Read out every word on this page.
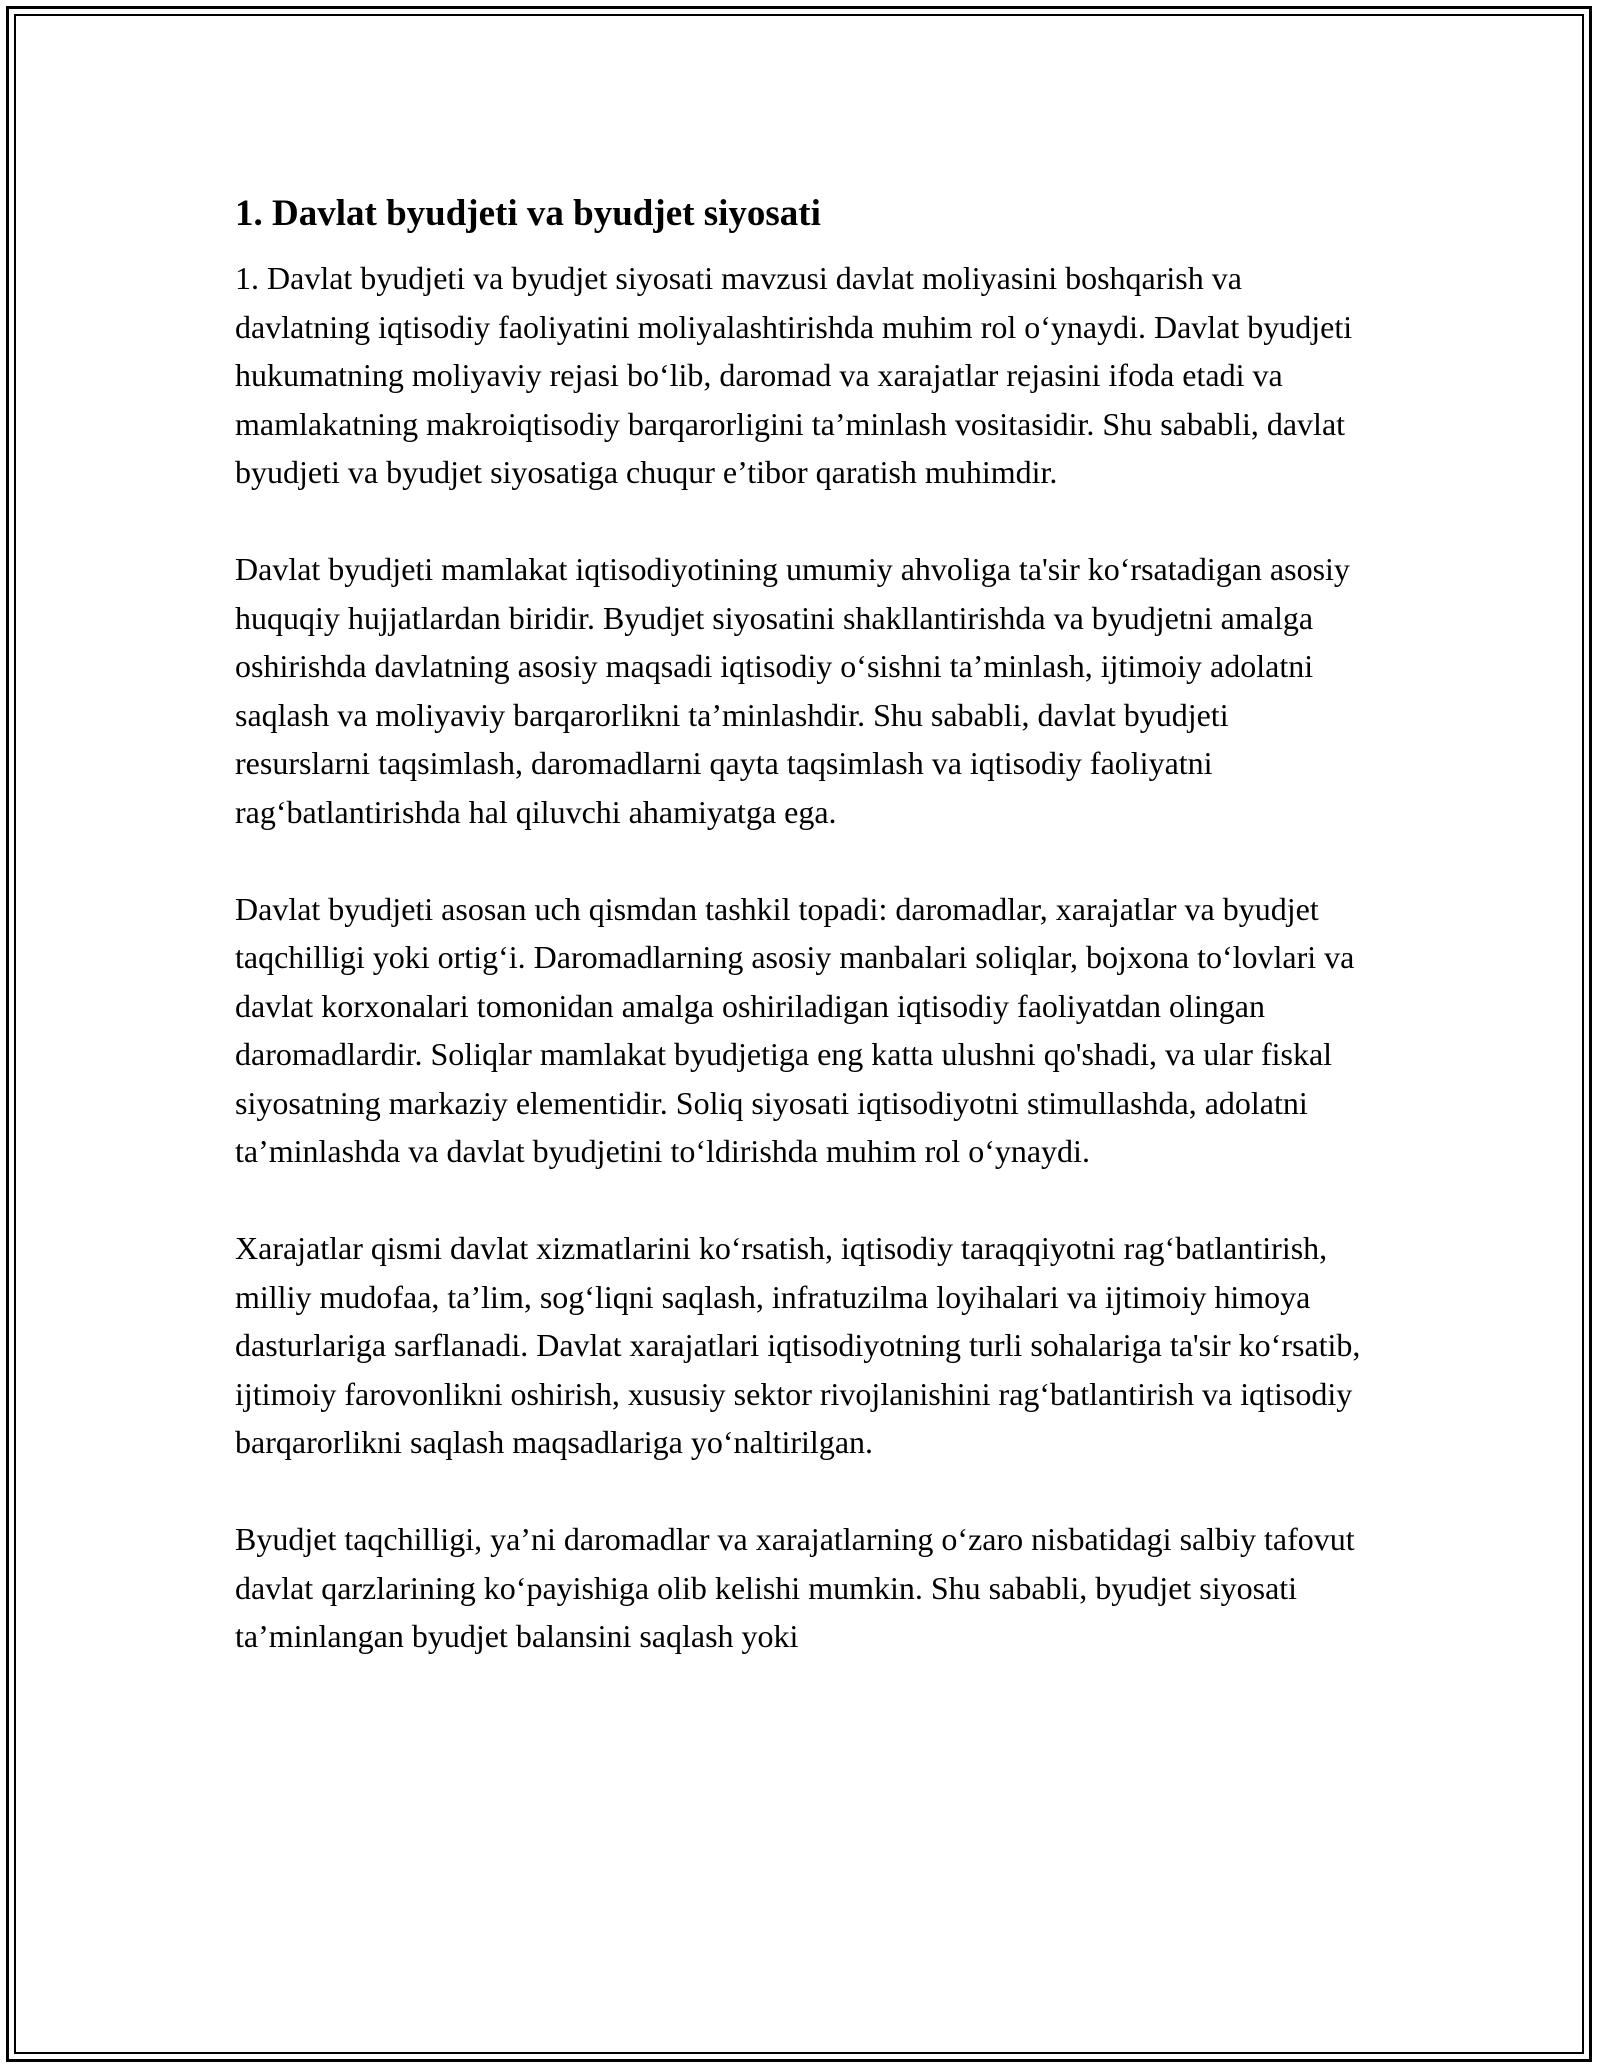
1. Davlat byudjeti va byudjet siyosati

1. Davlat byudjeti va byudjet siyosati mavzusi davlat moliyasini boshqarish va davlatning iqtisodiy faoliyatini moliyalashtirishda muhim rol o‘ynaydi. Davlat byudjeti hukumatning moliyaviy rejasi bo‘lib, daromad va xarajatlar rejasini ifoda etadi va mamlakatning makroiqtisodiy barqarorligini ta’minlash vositasidir. Shu sababli, davlat byudjeti va byudjet siyosatiga chuqur e’tibor qaratish muhimdir.

Davlat byudjeti mamlakat iqtisodiyotining umumiy ahvoliga ta'sir ko‘rsatadigan asosiy huquqiy hujjatlardan biridir. Byudjet siyosatini shakllantirishda va byudjetni amalga oshirishda davlatning asosiy maqsadi iqtisodiy o‘sishni ta’minlash, ijtimoiy adolatni saqlash va moliyaviy barqarorlikni ta’minlashdir. Shu sababli, davlat byudjeti resurslarni taqsimlash, daromadlarni qayta taqsimlash va iqtisodiy faoliyatni rag‘batlantirishda hal qiluvchi ahamiyatga ega.

Davlat byudjeti asosan uch qismdan tashkil topadi: daromadlar, xarajatlar va byudjet taqchilligi yoki ortig‘i. Daromadlarning asosiy manbalari soliqlar, bojxona to‘lovlari va davlat korxonalari tomonidan amalga oshiriladigan iqtisodiy faoliyatdan olingan daromadlardir. Soliqlar mamlakat byudjetiga eng katta ulushni qo'shadi, va ular fiskal siyosatning markaziy elementidir. Soliq siyosati iqtisodiyotni stimullashda, adolatni ta’minlashda va davlat byudjetini to‘ldirishda muhim rol o‘ynaydi.

Xarajatlar qismi davlat xizmatlarini ko‘rsatish, iqtisodiy taraqqiyotni rag‘batlantirish, milliy mudofaa, ta’lim, sog‘liqni saqlash, infratuzilma loyihalari va ijtimoiy himoya dasturlariga sarflanadi. Davlat xarajatlari iqtisodiyotning turli sohalariga ta'sir ko‘rsatib, ijtimoiy farovonlikni oshirish, xususiy sektor rivojlanishini rag‘batlantirish va iqtisodiy barqarorlikni saqlash maqsadlariga yo‘naltirilgan.

Byudjet taqchilligi, ya’ni daromadlar va xarajatlarning o‘zaro nisbatidagi salbiy tafovut davlat qarzlarining ko‘payishiga olib kelishi mumkin. Shu sababli, byudjet siyosati ta’minlangan byudjet balansini saqlash yoki
